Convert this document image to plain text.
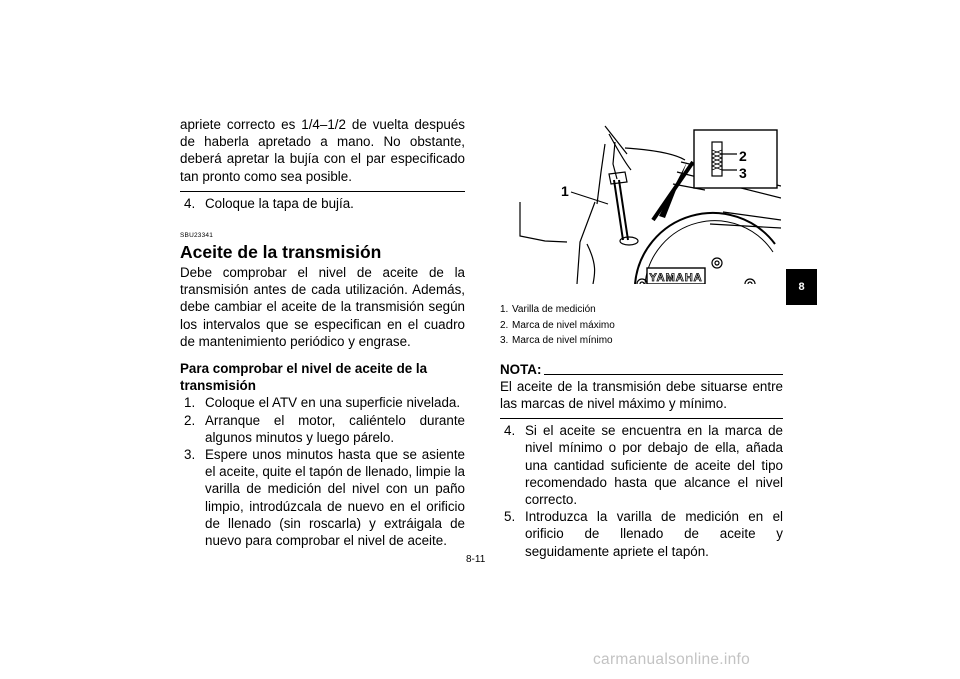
apriete correcto es 1/4–1/2 de vuelta después de haberla apretado a mano. No obstante, deberá apretar la bujía con el par especificado tan pronto como sea posible.

4. Coloque la tapa de bujía.
SBU23341
Aceite de la transmisión

Debe comprobar el nivel de aceite de la transmisión antes de cada utilización. Además, debe cambiar el aceite de la transmisión según los intervalos que se especifican en el cuadro de mantenimiento periódico y engrase.

Para comprobar el nivel de aceite de la transmisión
1. Coloque el ATV en una superficie nivelada.
2. Arranque el motor, caliéntelo durante algunos minutos y luego párelo.
3. Espere unos minutos hasta que se asiente el aceite, quite el tapón de llenado, limpie la varilla de medición del nivel con un paño limpio, introdúzcala de nuevo en el orificio de llenado (sin roscarla) y extráigala de nuevo para comprobar el nivel de aceite.
2
3
1
YAMAHA
1. Varilla de medición
2. Marca de nivel máximo
3. Marca de nivel mínimo
NOTA:

El aceite de la transmisión debe situarse entre las marcas de nivel máximo y mínimo.

4. Si el aceite se encuentra en la marca de nivel mínimo o por debajo de ella, añada una cantidad suficiente de aceite del tipo recomendado hasta que alcance el nivel correcto.
5. Introduzca la varilla de medición en el orificio de llenado de aceite y seguidamente apriete el tapón.
8
8-11
carmanualsonline.info
